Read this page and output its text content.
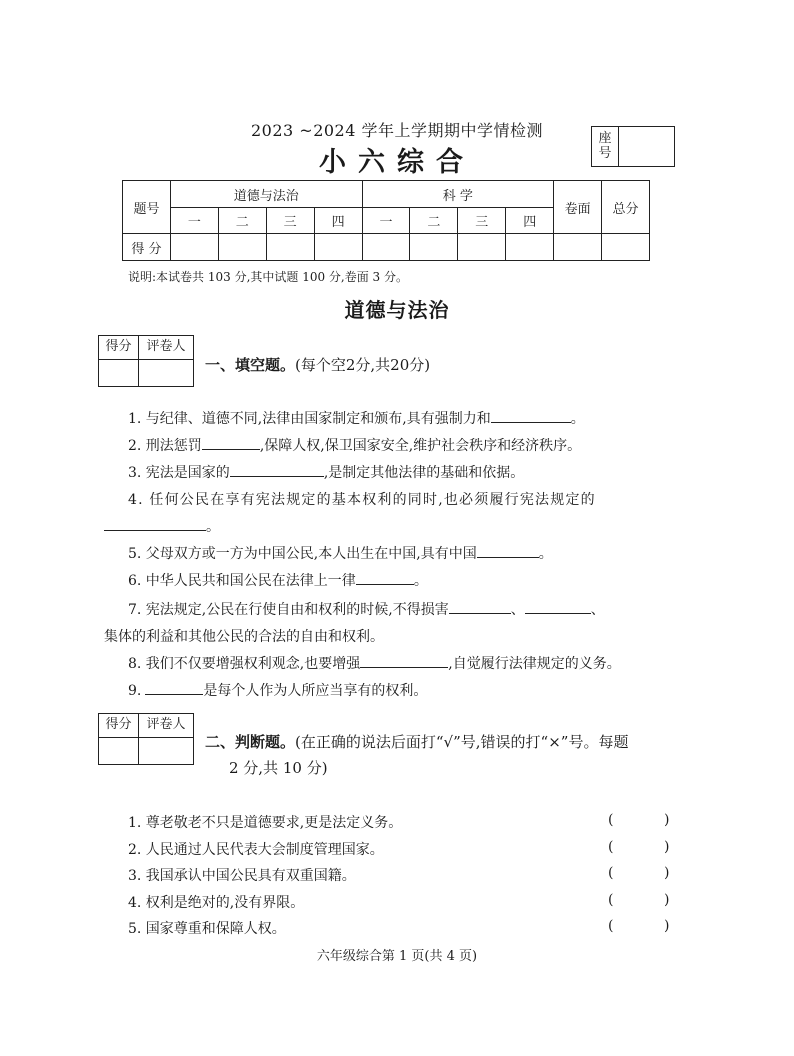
2023 ~2024 学年上学期期中学情检测
小六综合
座
号
题号	道德与法治				科 学				卷面	总分
	一	二	三	四	一	二	三	四		
得 分										
说明:本试卷共 103 分,其中试题 100 分,卷面 3 分。
道德与法治
得分	评卷人
一、填空题。(每个空2分,共20分)
1. 与纪律、道德不同,法律由国家制定和颁布,具有强制力和	。
2. 刑法惩罚	,保障人权,保卫国家安全,维护社会秩序和经济秩序。
3. 宪法是国家的	,是制定其他法律的基础和依据。
4. 任何公民在享有宪法规定的基本权利的同时,也必须履行宪法规定的
。
5. 父母双方或一方为中国公民,本人出生在中国,具有中国	。
6. 中华人民共和国公民在法律上一律	。
7. 宪法规定,公民在行使自由和权利的时候,不得损害	、	、
集体的利益和其他公民的合法的自由和权利。
8. 我们不仅要增强权利观念,也要增强	,自觉履行法律规定的义务。
9.	是每个人作为人所应当享有的权利。
得分	评卷人
二、判断题。(在正确的说法后面打“√”号,错误的打“×”号。每题
2 分,共 10 分)
1. 尊老敬老不只是道德要求,更是法定义务。	(	)
2. 人民通过人民代表大会制度管理国家。	(	)
3. 我国承认中国公民具有双重国籍。	(	)
4. 权利是绝对的,没有界限。	(	)
5. 国家尊重和保障人权。	(	)
六年级综合第 1 页(共 4 页)
